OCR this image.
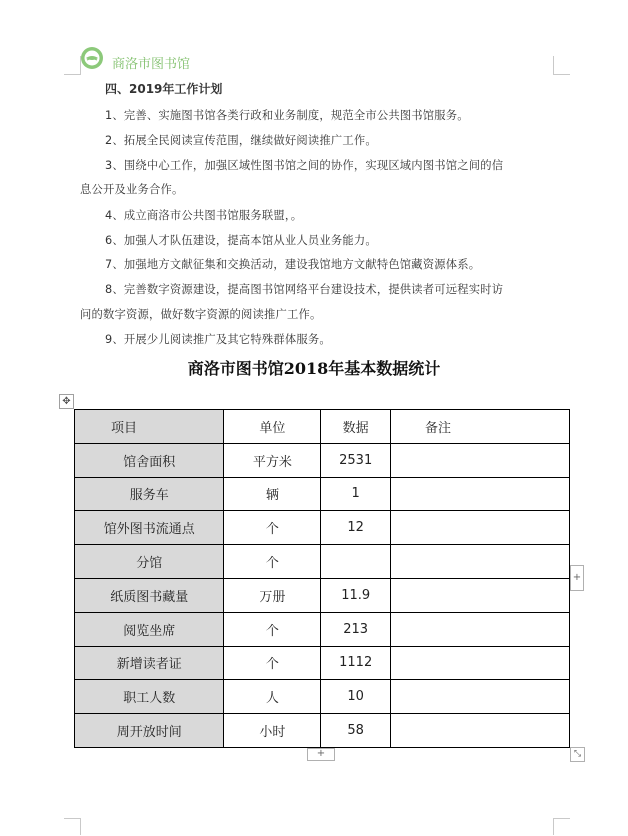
商洛市图书馆
四、2019年工作计划
1、完善、实施图书馆各类行政和业务制度，规范全市公共图书馆服务。
2、拓展全民阅读宣传范围，继续做好阅读推广工作。
3、围绕中心工作，加强区域性图书馆之间的协作，实现区域内图书馆之间的信
息公开及业务合作。
4、成立商洛市公共图书馆服务联盟，。
6、加强人才队伍建设，提高本馆从业人员业务能力。
7、加强地方文献征集和交换活动，建设我馆地方文献特色馆藏资源体系。
8、完善数字资源建设，提高图书馆网络平台建设技术，提供读者可远程实时访
问的数字资源，做好数字资源的阅读推广工作。
9、开展少儿阅读推广及其它特殊群体服务。
商洛市图书馆2018年基本数据统计
✥
项目	单位	数据	备注
馆舍面积	平方米	2531	
服务车	辆	1	
馆外图书流通点	个	12	
分馆	个		
纸质图书藏量	万册	11.9	
阅览坐席	个	213	
新增读者证	个	1112	
职工人数	人	10	
周开放时间	小时	58	
+
+	⤡
